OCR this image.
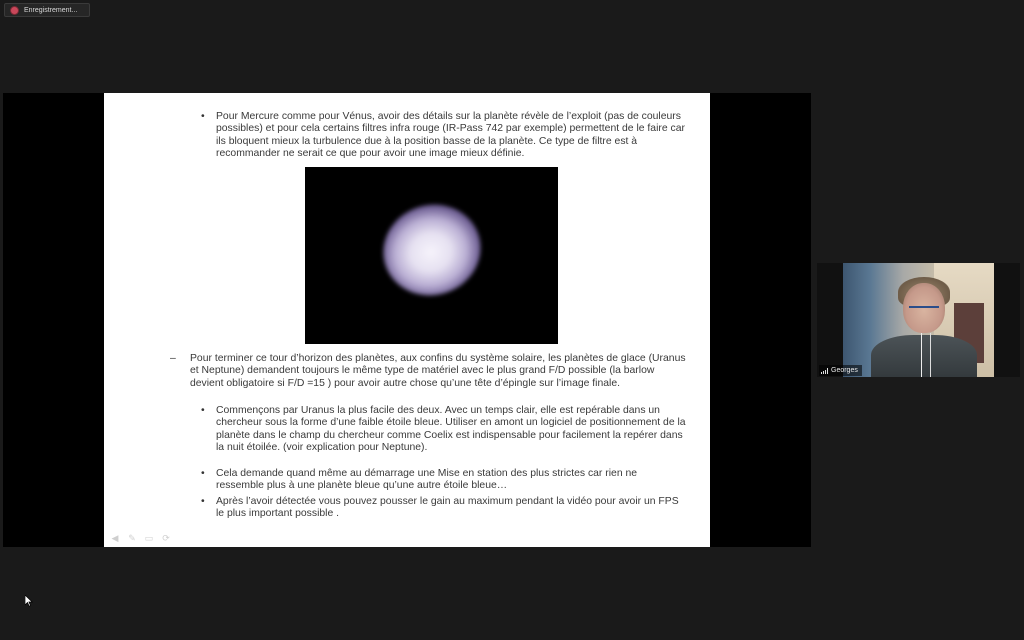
Enregistrement...
• Pour Mercure comme pour Vénus, avoir des détails sur la planète révèle de l’exploit (pas de couleurs possibles) et pour cela certains filtres infra rouge (IR-Pass 742 par exemple) permettent de le faire car ils bloquent mieux la turbulence due à la position basse de la planète. Ce type de filtre est à recommander ne serait ce que pour avoir une image mieux définie.
– Pour terminer ce tour d’horizon des planètes, aux confins du système solaire, les planètes de glace (Uranus et Neptune) demandent toujours le même type de matériel avec le plus grand F/D possible (la barlow devient obligatoire si F/D =15 ) pour avoir autre chose qu’une tête d’épingle sur l’image finale.
• Commençons par Uranus la plus facile des deux. Avec un temps clair, elle est repérable dans un chercheur sous la forme d’une faible étoile bleue. Utiliser en amont un logiciel de positionnement de la planète dans le champ du chercheur comme Coelix est indispensable pour facilement la repérer dans la nuit étoilée. (voir explication pour Neptune).
• Cela demande quand même au démarrage une Mise en station des plus strictes car rien ne ressemble plus à une planète bleue qu’une autre étoile bleue…
• Après l’avoir détectée vous pouvez pousser le gain au maximum pendant la vidéo pour avoir un FPS le plus important possible .
◀ ✎ ▭ ⟳
Georges
